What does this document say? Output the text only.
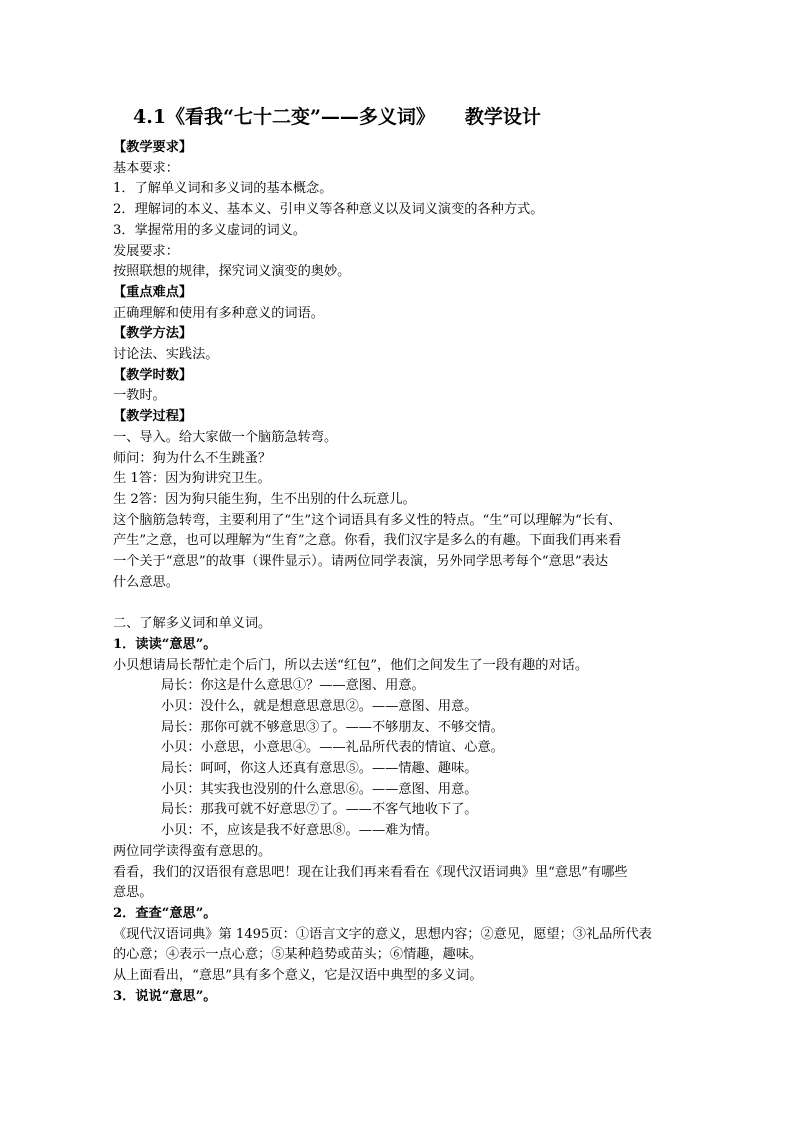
4.1《看我“七十二变”——多义词》 教学设计

【教学要求】

基本要求：

1．了解单义词和多义词的基本概念。

2．理解词的本义、基本义、引申义等各种意义以及词义演变的各种方式。

3．掌握常用的多义虚词的词义。

发展要求：

按照联想的规律，探究词义演变的奥妙。

【重点难点】

正确理解和使用有多种意义的词语。

【教学方法】

讨论法、实践法。

【教学时数】

一教时。

【教学过程】

一、导入。给大家做一个脑筋急转弯。

师问：狗为什么不生跳蚤？

生 1答：因为狗讲究卫生。

生 2答：因为狗只能生狗，生不出别的什么玩意儿。

这个脑筋急转弯，主要利用了“生”这个词语具有多义性的特点。“生”可以理解为“长有、

产生”之意，也可以理解为“生育”之意。你看，我们汉字是多么的有趣。下面我们再来看

一个关于“意思”的故事（课件显示）。请两位同学表演，另外同学思考每个“意思”表达

什么意思。

二、了解多义词和单义词。

1．读读“意思”。

小贝想请局长帮忙走个后门，所以去送“红包”，他们之间发生了一段有趣的对话。

局长：你这是什么意思①？——意图、用意。

小贝：没什么，就是想意思意思②。——意图、用意。

局长：那你可就不够意思③了。——不够朋友、不够交情。

小贝：小意思，小意思④。——礼品所代表的情谊、心意。

局长：呵呵，你这人还真有意思⑤。——情趣、趣味。

小贝：其实我也没别的什么意思⑥。——意图、用意。

局长：那我可就不好意思⑦了。——不客气地收下了。

小贝：不，应该是我不好意思⑧。——难为情。

两位同学读得蛮有意思的。

看看，我们的汉语很有意思吧！现在让我们再来看看在《现代汉语词典》里“意思”有哪些

意思。

2．查查“意思”。

《现代汉语词典》第 1495页：①语言文字的意义，思想内容；②意见，愿望；③礼品所代表

的心意；④表示一点心意；⑤某种趋势或苗头；⑥情趣，趣味。

从上面看出，“意思”具有多个意义，它是汉语中典型的多义词。

3．说说“意思”。
